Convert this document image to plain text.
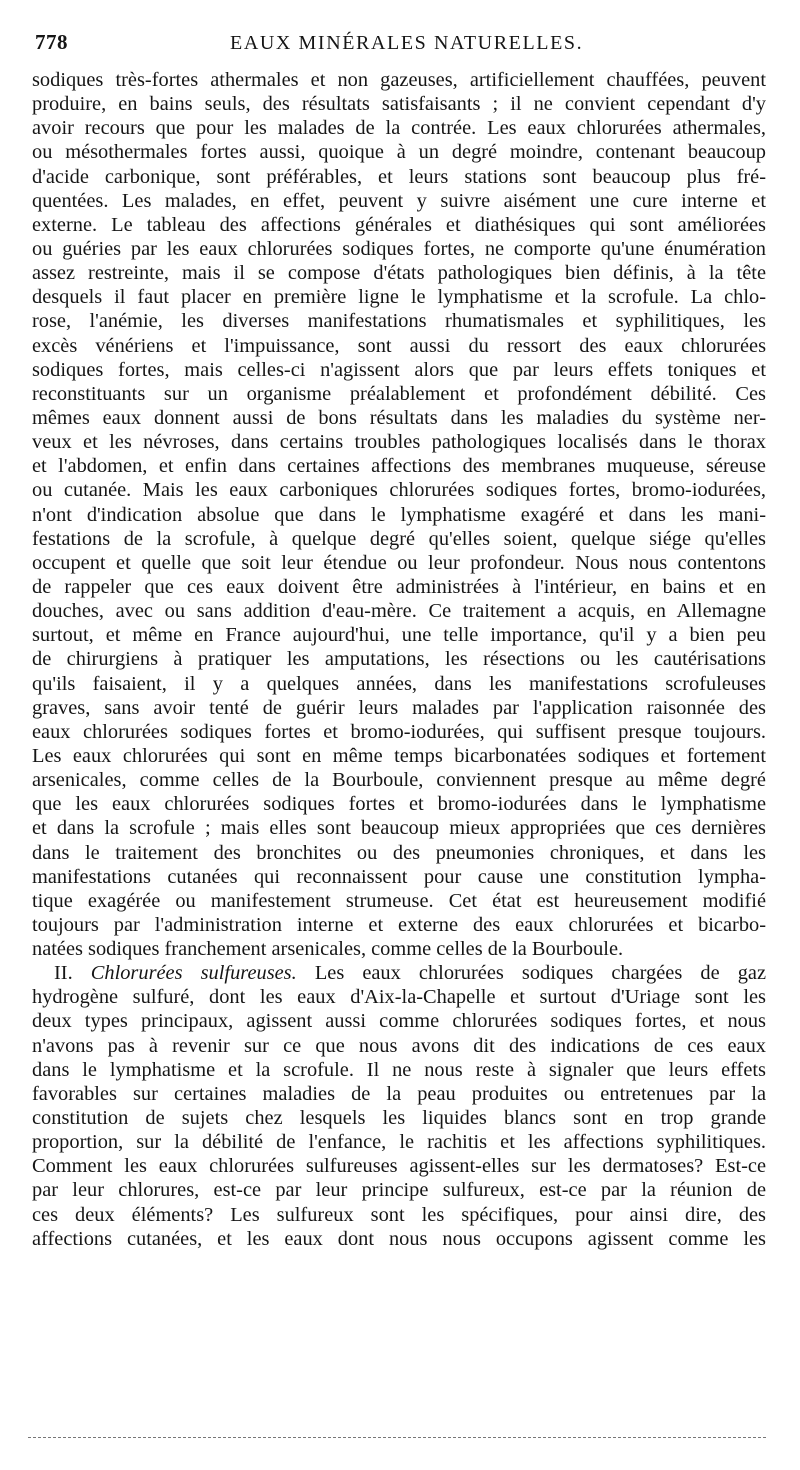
778	EAUX MINÉRALES NATURELLES.
sodiques très-fortes athermales et non gazeuses, artificiellement chauffées, peuvent
produire, en bains seuls, des résultats satisfaisants ; il ne convient cependant d'y
avoir recours que pour les malades de la contrée. Les eaux chlorurées athermales,
ou mésothermales fortes aussi, quoique à un degré moindre, contenant beaucoup
d'acide carbonique, sont préférables, et leurs stations sont beaucoup plus fré-
quentées. Les malades, en effet, peuvent y suivre aisément une cure interne et
externe. Le tableau des affections générales et diathésiques qui sont améliorées
ou guéries par les eaux chlorurées sodiques fortes, ne comporte qu'une énumération
assez restreinte, mais il se compose d'états pathologiques bien définis, à la tête
desquels il faut placer en première ligne le lymphatisme et la scrofule. La chlo-
rose, l'anémie, les diverses manifestations rhumatismales et syphilitiques, les
excès vénériens et l'impuissance, sont aussi du ressort des eaux chlorurées
sodiques fortes, mais celles-ci n'agissent alors que par leurs effets toniques et
reconstituants sur un organisme préalablement et profondément débilité. Ces
mêmes eaux donnent aussi de bons résultats dans les maladies du système ner-
veux et les névroses, dans certains troubles pathologiques localisés dans le thorax
et l'abdomen, et enfin dans certaines affections des membranes muqueuse, séreuse
ou cutanée. Mais les eaux carboniques chlorurées sodiques fortes, bromo-iodurées,
n'ont d'indication absolue que dans le lymphatisme exagéré et dans les mani-
festations de la scrofule, à quelque degré qu'elles soient, quelque siége qu'elles
occupent et quelle que soit leur étendue ou leur profondeur. Nous nous contentons
de rappeler que ces eaux doivent être administrées à l'intérieur, en bains et en
douches, avec ou sans addition d'eau-mère. Ce traitement a acquis, en Allemagne
surtout, et même en France aujourd'hui, une telle importance, qu'il y a bien peu
de chirurgiens à pratiquer les amputations, les résections ou les cautérisations
qu'ils faisaient, il y a quelques années, dans les manifestations scrofuleuses
graves, sans avoir tenté de guérir leurs malades par l'application raisonnée des
eaux chlorurées sodiques fortes et bromo-iodurées, qui suffisent presque toujours.
Les eaux chlorurées qui sont en même temps bicarbonatées sodiques et fortement
arsenicales, comme celles de la Bourboule, conviennent presque au même degré
que les eaux chlorurées sodiques fortes et bromo-iodurées dans le lymphatisme
et dans la scrofule ; mais elles sont beaucoup mieux appropriées que ces dernières
dans le traitement des bronchites ou des pneumonies chroniques, et dans les
manifestations cutanées qui reconnaissent pour cause une constitution lympha-
tique exagérée ou manifestement strumeuse. Cet état est heureusement modifié
toujours par l'administration interne et externe des eaux chlorurées et bicarbo-
natées sodiques franchement arsenicales, comme celles de la Bourboule.
II. Chlorurées sulfureuses. Les eaux chlorurées sodiques chargées de gaz
hydrogène sulfuré, dont les eaux d'Aix-la-Chapelle et surtout d'Uriage sont les
deux types principaux, agissent aussi comme chlorurées sodiques fortes, et nous
n'avons pas à revenir sur ce que nous avons dit des indications de ces eaux
dans le lymphatisme et la scrofule. Il ne nous reste à signaler que leurs effets
favorables sur certaines maladies de la peau produites ou entretenues par la
constitution de sujets chez lesquels les liquides blancs sont en trop grande
proportion, sur la débilité de l'enfance, le rachitis et les affections syphilitiques.
Comment les eaux chlorurées sulfureuses agissent-elles sur les dermatoses? Est-ce
par leur chlorures, est-ce par leur principe sulfureux, est-ce par la réunion de
ces deux éléments? Les sulfureux sont les spécifiques, pour ainsi dire, des
affections cutanées, et les eaux dont nous nous occupons agissent comme les
